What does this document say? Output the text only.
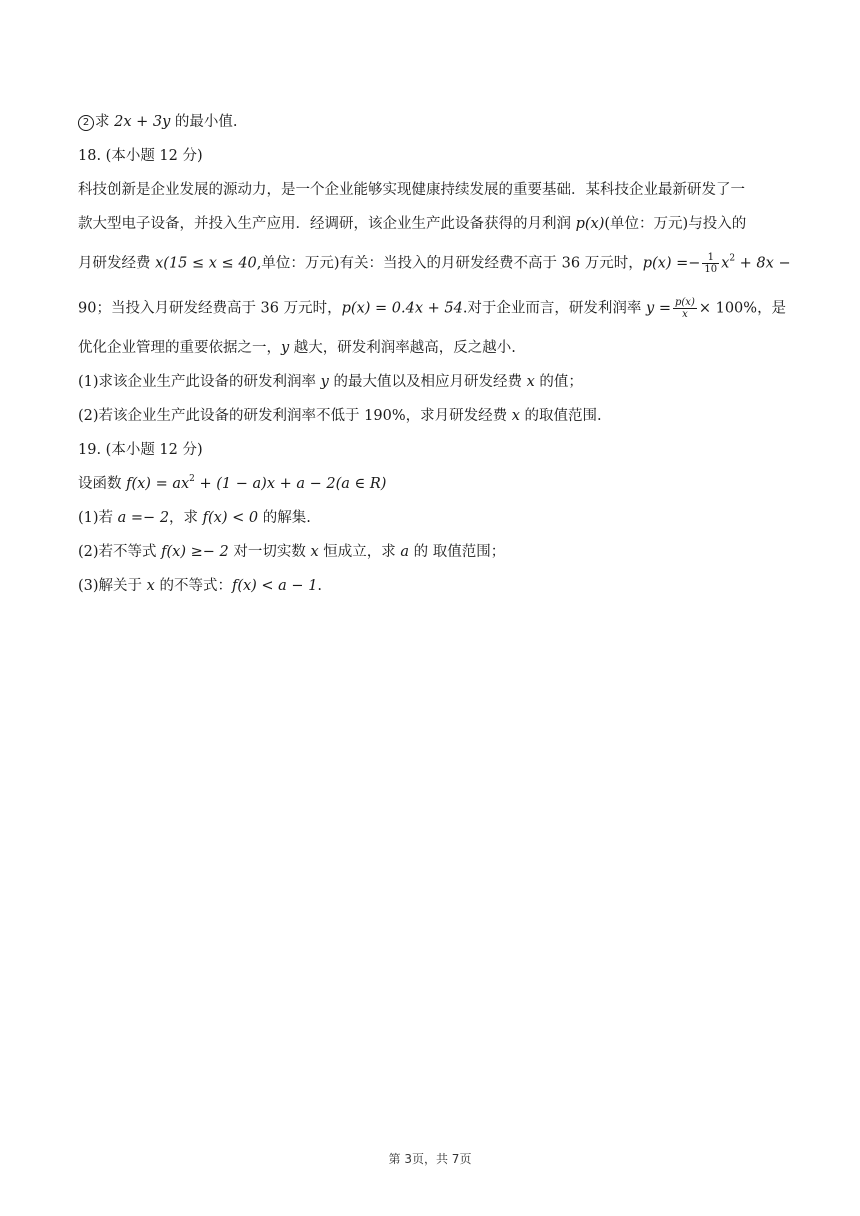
2 求 2x + 3y 的最小值.
18. (本小题 12 分)
科技创新是企业发展的源动力，是一个企业能够实现健康持续发展的重要基础．某科技企业最新研发了一
款大型电子设备，并投入生产应用．经调研，该企业生产此设备获得的月利润 p(x)(单位：万元)与投入的
月研发经费 x(15 ≤ x ≤ 40,单位：万元)有关：当投入的月研发经费不高于 36 万元时，$p(x) =- \frac{1}{10} x^2 + 8x$ −
90；当投入月研发经费高于 36 万元时，p(x) = 0.4x + 54.对于企业而言，研发利润率 $y = \frac{p(x)}{x} \times 100\%$，是
优化企业管理的重要依据之一，y 越大，研发利润率越高，反之越小.
(1)求该企业生产此设备的研发利润率 y 的最大值以及相应月研发经费 x 的值；
(2)若该企业生产此设备的研发利润率不低于 190%，求月研发经费 x 的取值范围.
19. (本小题 12 分)
设函数 $f(x) = ax^2 + (1 - a)x + a - 2(a$ ∈ R)
(1)若 a =− 2，求 f(x) < 0 的解集.
(2)若不等式 f(x) ≥− 2 对一切实数 x 恒成立，求 a 的 取值范围；
(3)解关于 x 的不等式：f(x) < a − 1.
第 3页，共 7页
